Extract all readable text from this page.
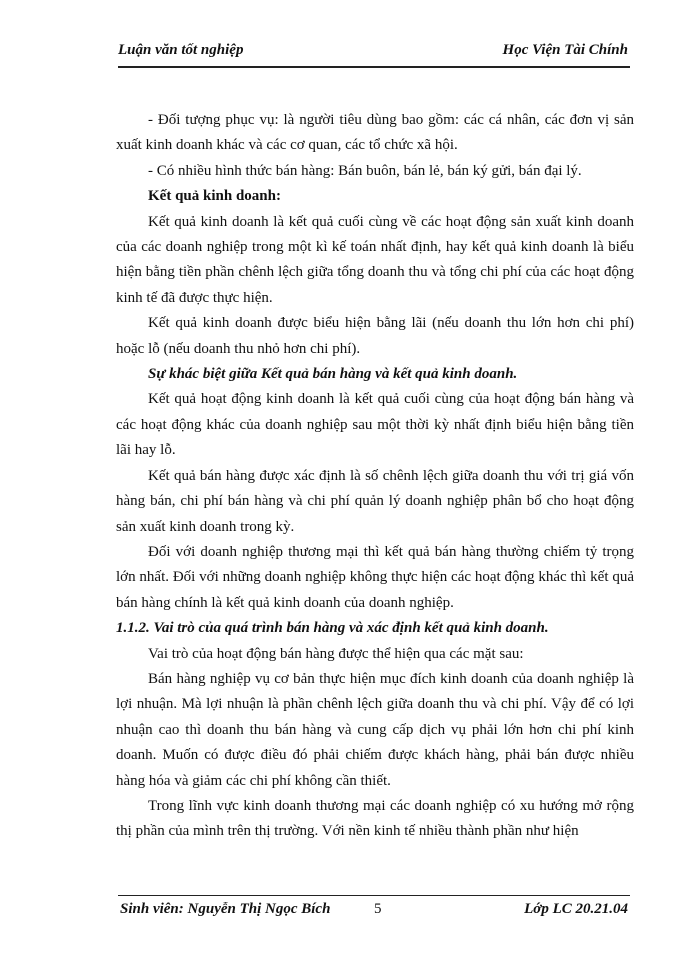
Luận văn tốt nghiệp	Học Viện Tài Chính

- Đối tượng phục vụ: là người tiêu dùng bao gồm: các cá nhân, các đơn vị sản xuất kinh doanh khác và các cơ quan, các tổ chức xã hội.

- Có nhiều hình thức bán hàng: Bán buôn, bán lẻ, bán ký gửi, bán đại lý.

Kết quả kinh doanh:

Kết quả kinh doanh là kết quả cuối cùng về các hoạt động sản xuất kinh doanh của các doanh nghiệp trong một kì kế toán nhất định, hay kết quả kinh doanh là biểu hiện bằng tiền phần chênh lệch giữa tổng doanh thu và tổng chi phí của các hoạt động kinh tế đã được thực hiện.

Kết quả kinh doanh được biểu hiện bằng lãi (nếu doanh thu lớn hơn chi phí) hoặc lỗ (nếu doanh thu nhỏ hơn chi phí).

Sự khác biệt giữa Kết quả bán hàng và kết quả kinh doanh.

Kết quả hoạt động kinh doanh là kết quả cuối cùng của hoạt động bán hàng và các hoạt động khác của doanh nghiệp sau một thời kỳ nhất định biểu hiện bằng tiền lãi hay lỗ.

Kết quả bán hàng được xác định là số chênh lệch giữa doanh thu với trị giá vốn hàng bán, chi phí bán hàng và chi phí quản lý doanh nghiệp phân bổ cho hoạt động sản xuất kinh doanh trong kỳ.

Đối với doanh nghiệp thương mại thì kết quả bán hàng thường chiếm tỷ trọng lớn nhất. Đối với những doanh nghiệp không thực hiện các hoạt động khác thì kết quả bán hàng chính là kết quả kinh doanh của doanh nghiệp.

1.1.2. Vai trò của quá trình bán hàng và xác định kết quả kinh doanh.

Vai trò của hoạt động bán hàng được thể hiện qua các mặt sau:

Bán hàng nghiệp vụ cơ bản thực hiện mục đích kinh doanh của doanh nghiệp là lợi nhuận. Mà lợi nhuận là phần chênh lệch giữa doanh thu và chi phí. Vậy để có lợi nhuận cao thì doanh thu bán hàng và cung cấp dịch vụ phải lớn hơn chi phí kinh doanh. Muốn có được điều đó phải chiếm được khách hàng, phải bán được nhiều hàng hóa và giảm các chi phí không cần thiết.

Trong lĩnh vực kinh doanh thương mại các doanh nghiệp có xu hướng mở rộng thị phần của mình trên thị trường. Với nền kinh tế nhiều thành phần như hiện

Sinh viên: Nguyễn Thị Ngọc Bích	5	Lớp LC 20.21.04
